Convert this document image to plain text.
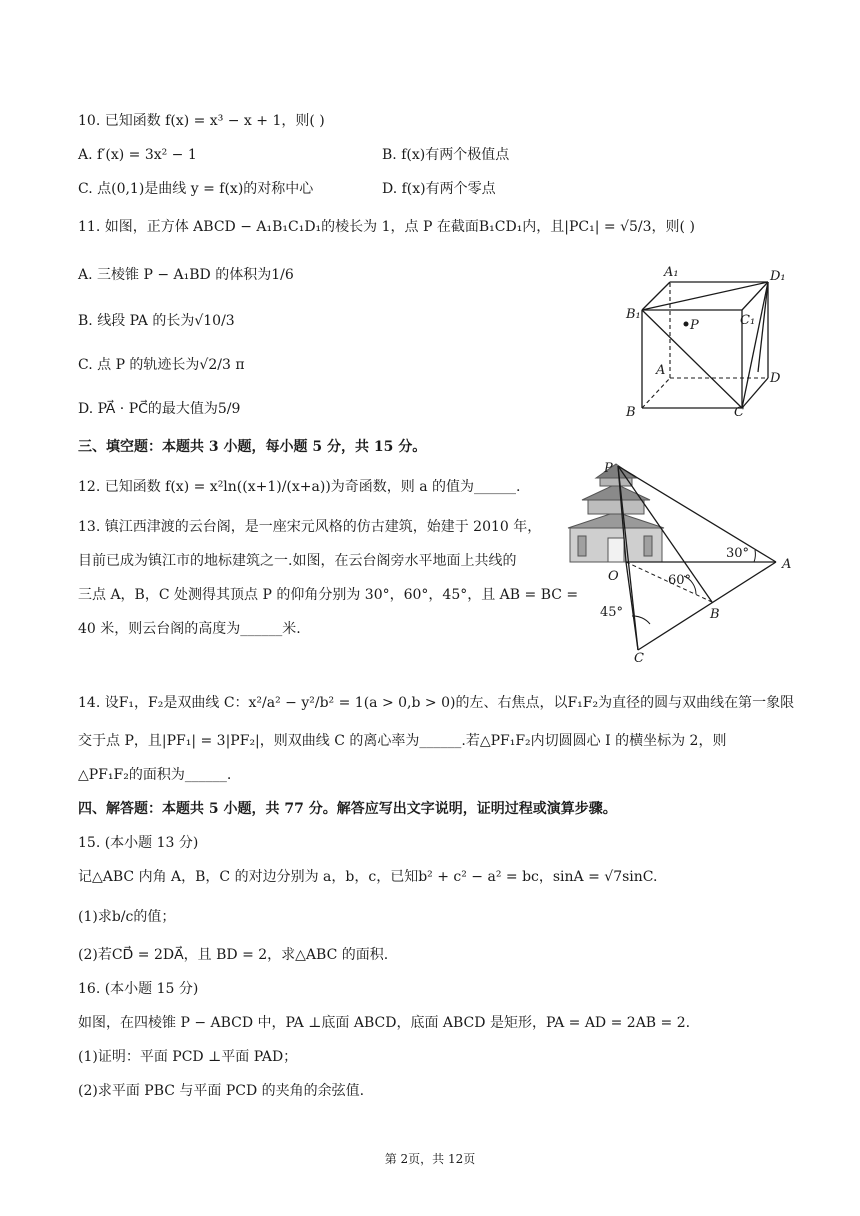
10. 已知函数 f(x) = x³ − x + 1，则( )
A. f′(x) = 3x² − 1	B. f(x)有两个极值点
C. 点(0,1)是曲线 y = f(x)的对称中心	D. f(x)有两个零点
11. 如图，正方体 ABCD − A₁B₁C₁D₁的棱长为 1，点 P 在截面B₁CD₁内，且|PC₁| = √5/3，则( )
A. 三棱锥 P − A₁BD 的体积为1/6
B. 线段 PA 的长为√10/3
C. 点 P 的轨迹长为√2/3 π
D. PA⃗ · PC⃗的最大值为5/9
A₁	D₁
B₁	C₁
P
A
D
B	C
三、填空题：本题共 3 小题，每小题 5 分，共 15 分。
12. 已知函数 f(x) = x²ln((x+1)/(x+a))为奇函数，则 a 的值为______.
13. 镇江西津渡的云台阁，是一座宋元风格的仿古建筑，始建于 2010 年，
目前已成为镇江市的地标建筑之一.如图，在云台阁旁水平地面上共线的
三点 A，B，C 处测得其顶点 P 的仰角分别为 30°，60°，45°，且 AB = BC =
40 米，则云台阁的高度为______米.
P
O
A
B
C
30°
60°
45°
14. 设F₁，F₂是双曲线 C：x²/a² − y²/b² = 1(a > 0,b > 0)的左、右焦点，以F₁F₂为直径的圆与双曲线在第一象限
交于点 P，且|PF₁| = 3|PF₂|，则双曲线 C 的离心率为______.若△PF₁F₂内切圆圆心 I 的横坐标为 2，则
△PF₁F₂的面积为______.
四、解答题：本题共 5 小题，共 77 分。解答应写出文字说明，证明过程或演算步骤。
15. (本小题 13 分)
记△ABC 内角 A，B，C 的对边分别为 a，b，c，已知b² + c² − a² = bc，sinA = √7sinC.
(1)求b/c的值；
(2)若CD⃗ = 2DA⃗，且 BD = 2，求△ABC 的面积.
16. (本小题 15 分)
如图，在四棱锥 P − ABCD 中，PA ⊥底面 ABCD，底面 ABCD 是矩形，PA = AD = 2AB = 2.
(1)证明：平面 PCD ⊥平面 PAD；
(2)求平面 PBC 与平面 PCD 的夹角的余弦值.
第 2页，共 12页
